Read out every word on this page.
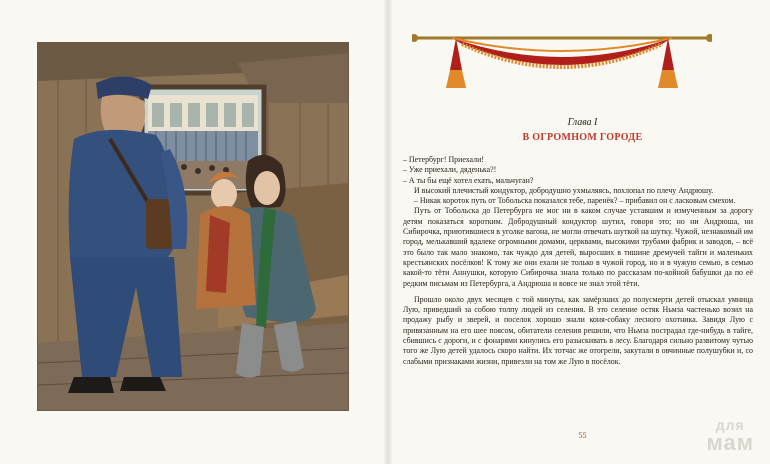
Глава I
В ОГРОМНОМ ГОРОДЕ

– Петербург! Приехали!

– Уже приехали, дяденька?!

– А ты бы ещё хотел ехать, мальчуган?

И высокий плечистый кондуктор, добродушно ухмыляясь, похлопал по плечу Андрюшу.

– Никак короток путь от Тобольска показался тебе, паренёк? – прибавил он с ласковым смехом.

Путь от Тобольска до Петербурга не мог ни в каком случае уставшим и измученным за дорогу детям показаться коротким. Добродушный кондуктор шутил, говоря это; но ни Андрюша, ни Сибирочка, приютившиеся в уголке вагона, не могли отвечать шуткой на шутку. Чужой, незнакомый им город, мелькавший вдалеке огромными домами, церквами, высокими трубами фабрик и заводов, – всё это было так мало знакомо, так чуждо для детей, выросших в тишине дремучей тайги и маленьких крестьянских посёлков! К тому же они ехали не только в чужой город, но и в чужую семью, в семью какой-то тёти Аннушки, которую Сибирочка знала только по рассказам по-койной бабушки да по её редким письмам из Петербурга, а Андрюша и вовсе не знал этой тёти.

Прошло около двух месяцев с той минуты, как замёрзших до полусмерти детей отыскал умница Лую, приведший за собою толпу людей из селения. В это селение остяк Ньмза частенько возил на продажу рыбу и зверей, и поселок хорошо знали коня-собаку лесного охотника. Завидя Лую с привязанным на его шее поясом, обитатели селения решили, что Ньмза пострадал где-нибудь в тайге, сбившись с дороги, и с фонарями кинулись его разыскивать в лесу. Благодаря сильно развитому чутью того же Лую детей удалось скоро найти. Их тотчас же отогрели, закутали в овчинные полушубки и, со слабыми признаками жизни, привезли на том же Лую в посёлок.

55
для
мам
